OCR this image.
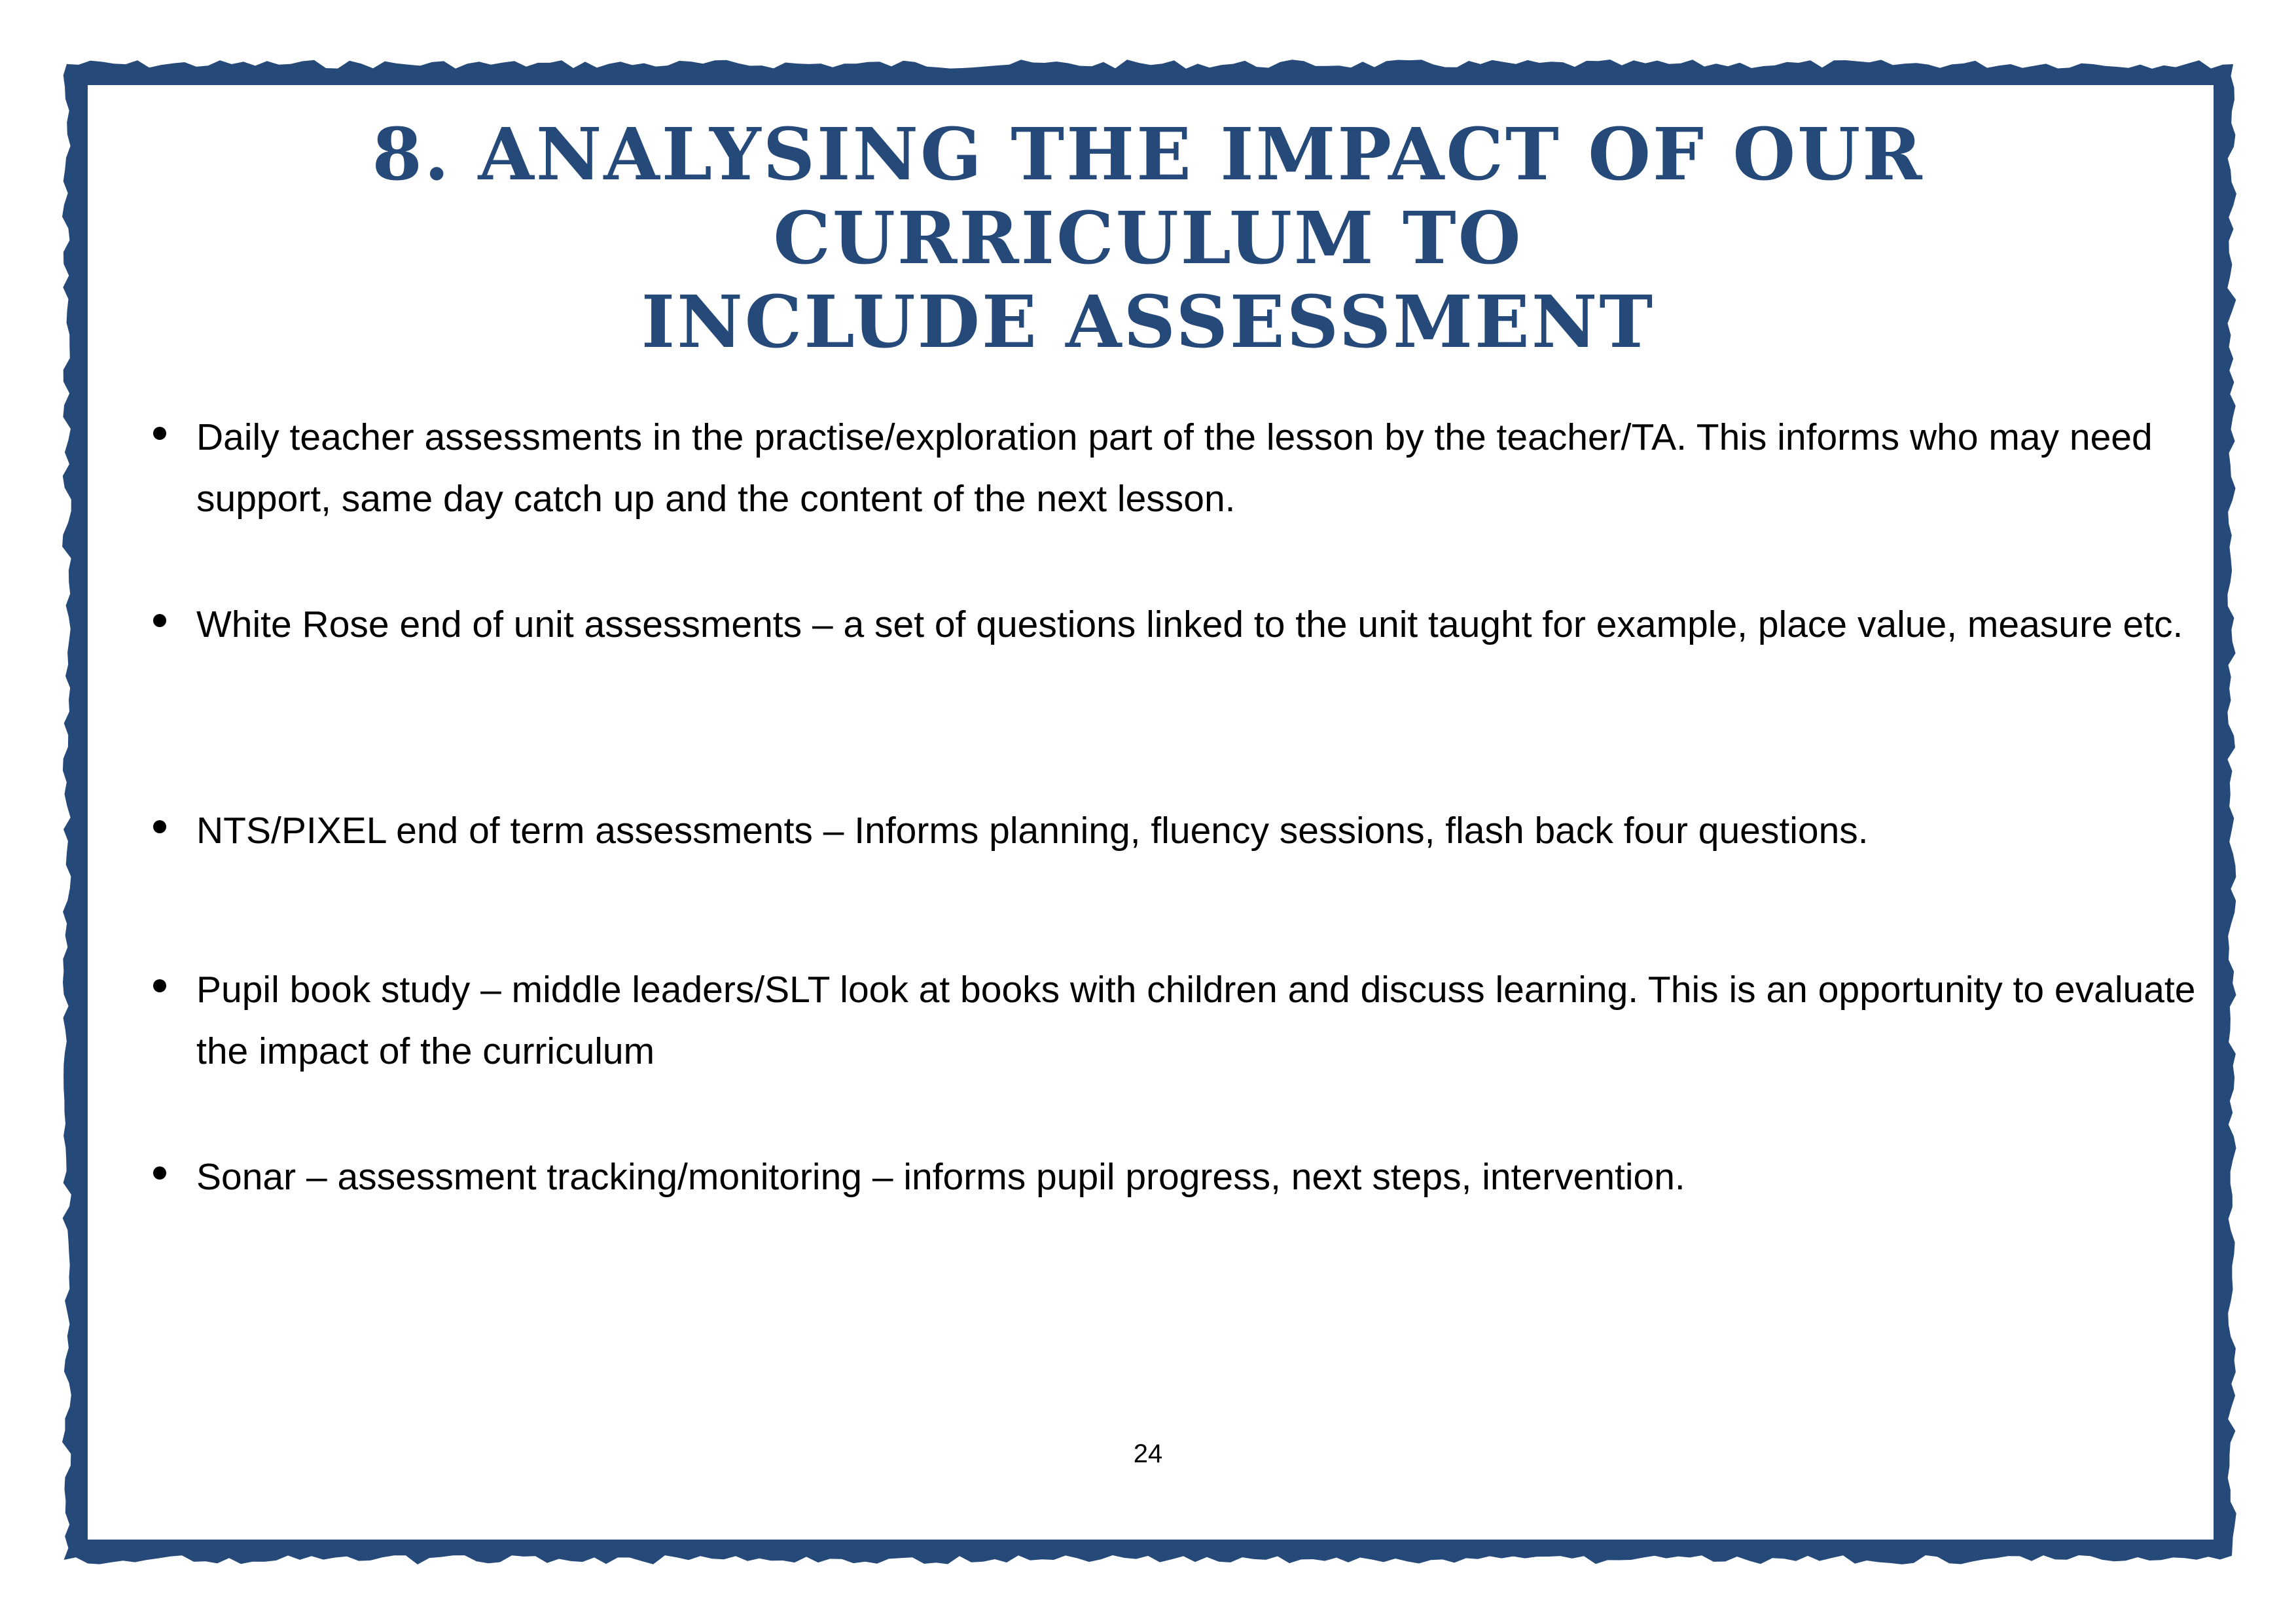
8. ANALYSING THE IMPACT OF OUR CURRICULUM TO
INCLUDE ASSESSMENT
Daily teacher assessments in the practise/exploration part of the lesson by the teacher/TA. This informs who may need support, same day catch up and the content of the next lesson.
White Rose end of unit assessments – a set of questions linked to the unit taught for example, place value, measure etc.
NTS/PIXEL end of term assessments – Informs planning, fluency sessions, flash back four questions.
Pupil book study – middle leaders/SLT look at books with children and discuss learning. This is an opportunity to evaluate the impact of the curriculum
Sonar – assessment tracking/monitoring – informs pupil progress, next steps, intervention.
24
